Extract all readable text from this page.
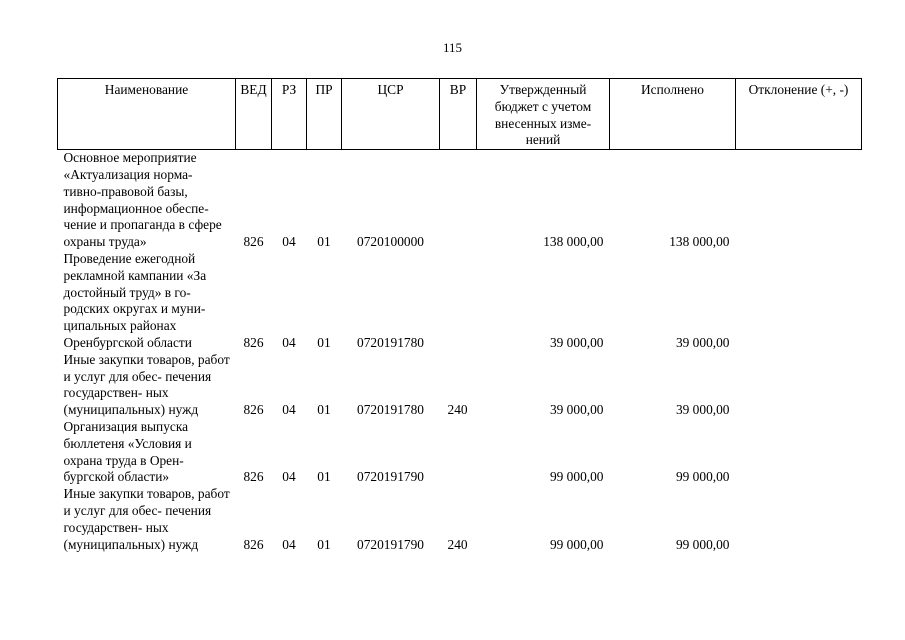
115
Наименование	ВЕД	РЗ	ПР	ЦСР	ВР	Утвержденный бюджет с учетом внесенных изме- нений	Исполнено	Отклонение (+, -)
Основное мероприятие «Актуализация норма- тивно-правовой базы, информационное обеспе- чение и пропаганда в сфере охраны труда»	826	04	01	0720100000		138 000,00	138 000,00	
Проведение ежегодной рекламной кампании «За достойный труд» в го- родских округах и муни- ципальных районах Оренбургской области	826	04	01	0720191780		39 000,00	39 000,00	
Иные закупки товаров, работ и услуг для обес- печения государствен- ных (муниципальных) нужд	826	04	01	0720191780	240	39 000,00	39 000,00	
Организация выпуска бюллетеня «Условия и охрана труда в Орен- бургской области»	826	04	01	0720191790		99 000,00	99 000,00	
Иные закупки товаров, работ и услуг для обес- печения государствен- ных (муниципальных) нужд	826	04	01	0720191790	240	99 000,00	99 000,00	
